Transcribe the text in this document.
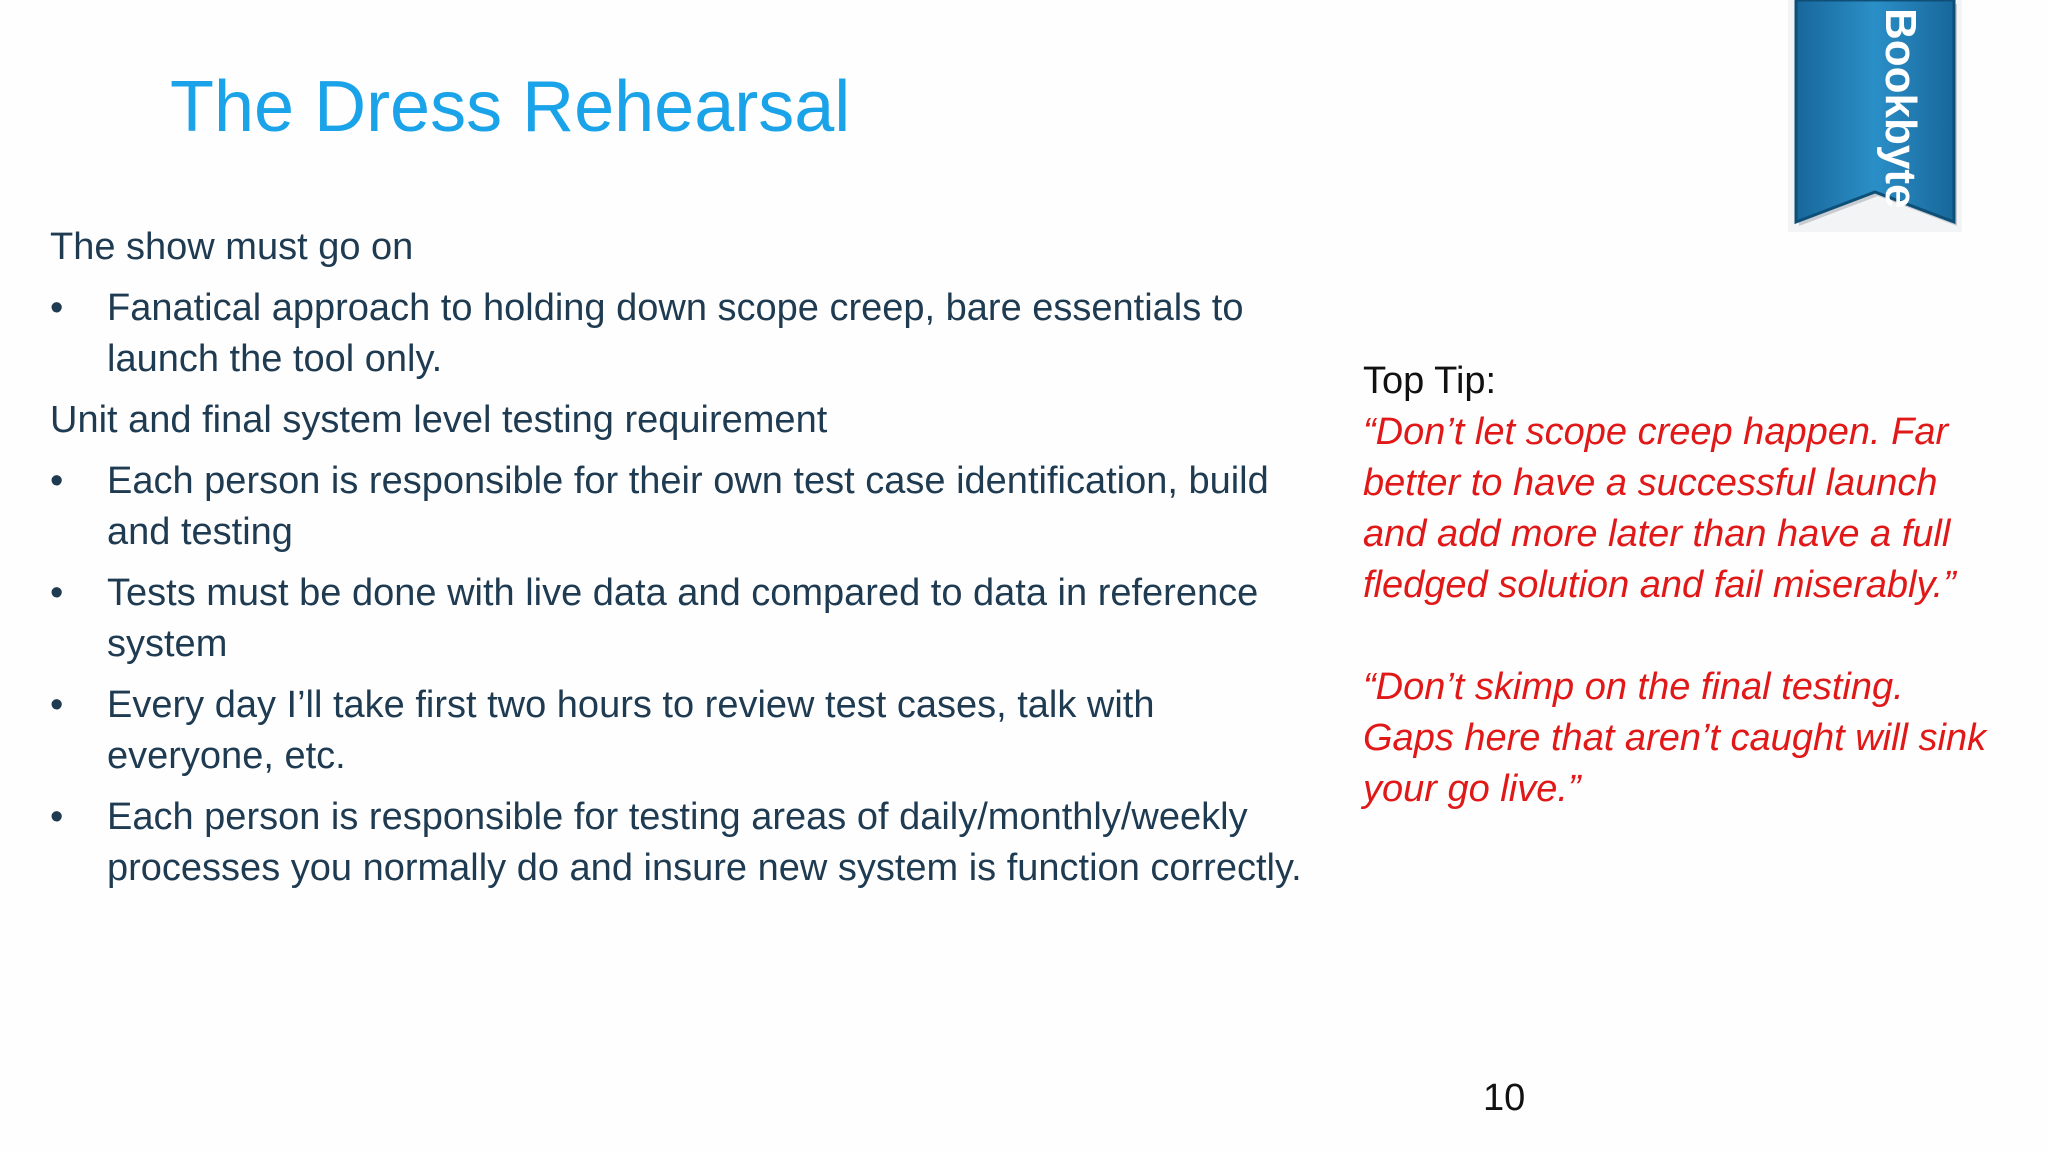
The Dress Rehearsal	Bookbyte
The show must go on
• Fanatical approach to holding down scope creep, bare essentials to launch the tool only.
Unit and final system level testing requirement
• Each person is responsible for their own test case identification, build and testing
• Tests must be done with live data and compared to data in reference system
• Every day I’ll take first two hours to review test cases, talk with everyone, etc.
• Each person is responsible for testing areas of daily/monthly/weekly processes you normally do and insure new system is function correctly.
Top Tip:
“Don’t let scope creep happen. Far better to have a successful launch and add more later than have a full fledged solution and fail miserably.”
“Don’t skimp on the final testing. Gaps here that aren’t caught will sink your go live.”
10
